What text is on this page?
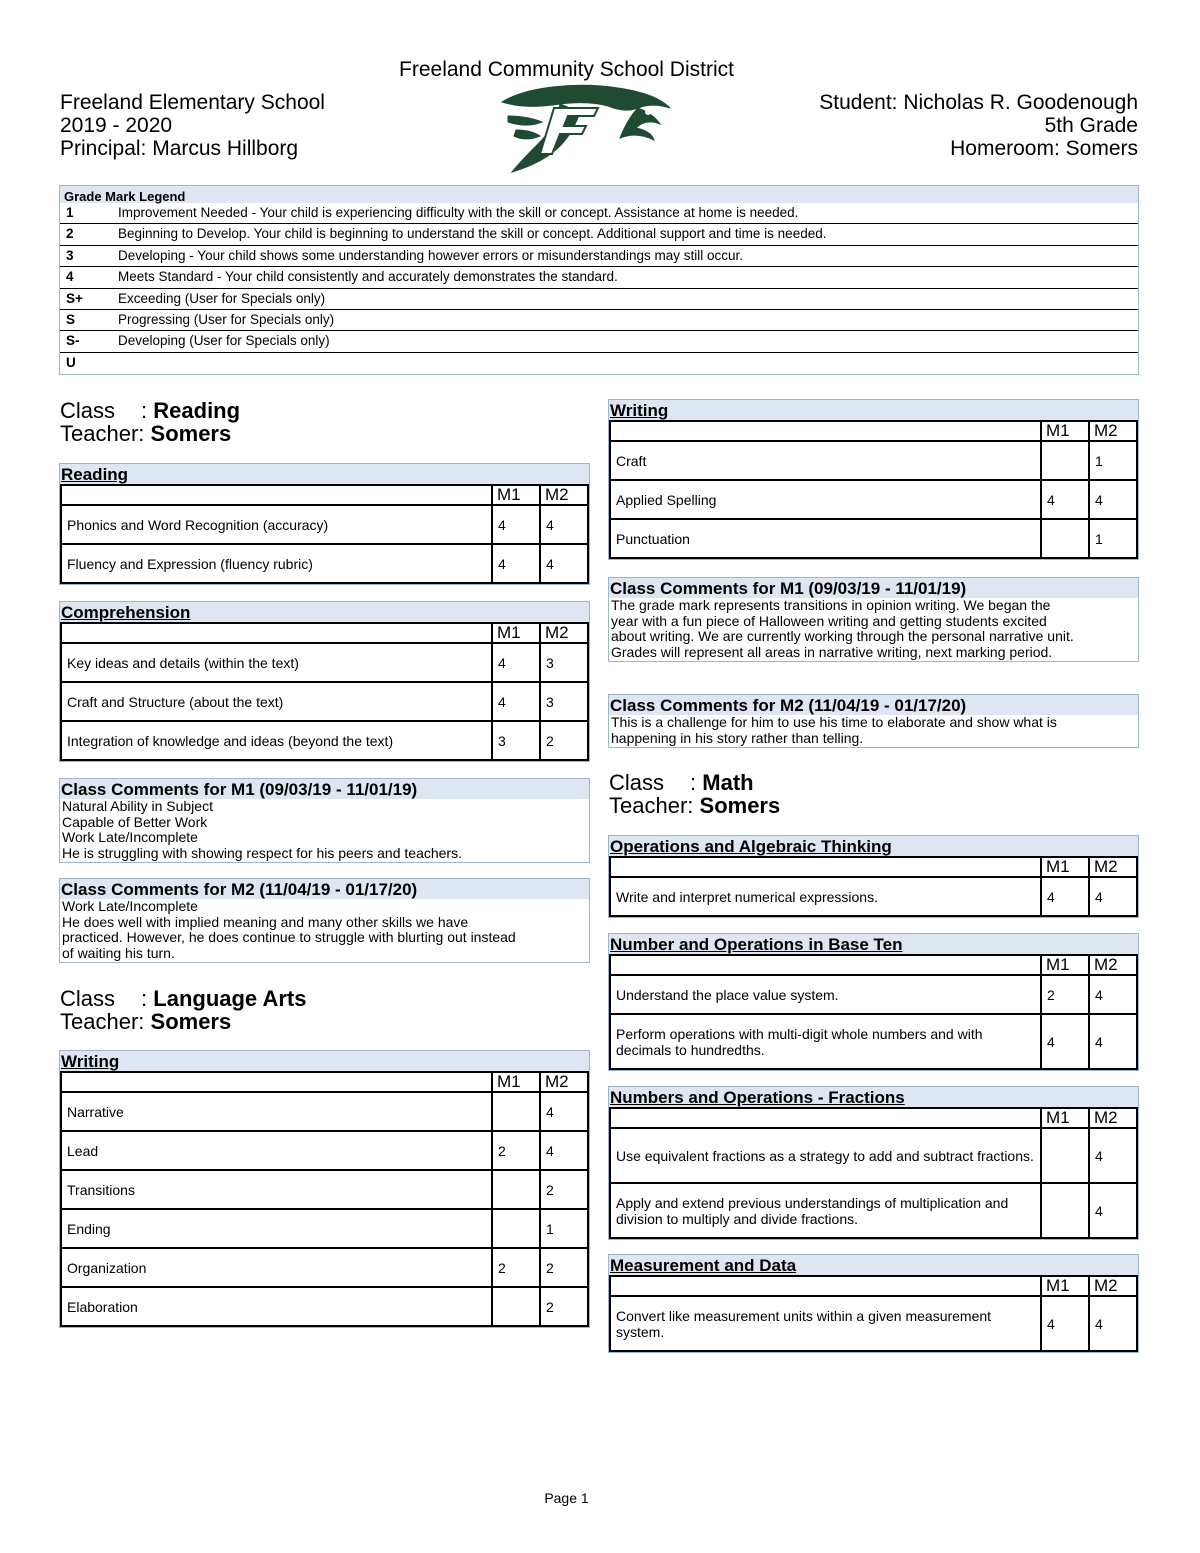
Freeland Community School District
Freeland Elementary School
2019 - 2020
Principal: Marcus Hillborg
Student: Nicholas R. Goodenough
5th Grade
Homeroom: Somers
Grade Mark Legend
1	Improvement Needed - Your child is experiencing difficulty with the skill or concept. Assistance at home is needed.
2	Beginning to Develop. Your child is beginning to understand the skill or concept. Additional support and time is needed.
3	Developing - Your child shows some understanding however errors or misunderstandings may still occur.
4	Meets Standard - Your child consistently and accurately demonstrates the standard.
S+	Exceeding (User for Specials only)
S	Progressing (User for Specials only)
S-	Developing (User for Specials only)
U
Class : Reading
Teacher: Somers
Reading
	M1	M2
Phonics and Word Recognition (accuracy)	4	4
Fluency and Expression (fluency rubric)	4	4
Comprehension
	M1	M2
Key ideas and details (within the text)	4	3
Craft and Structure (about the text)	4	3
Integration of knowledge and ideas (beyond the text)	3	2
Class Comments for M1 (09/03/19 - 11/01/19)
Natural Ability in Subject
Capable of Better Work
Work Late/Incomplete
He is struggling with showing respect for his peers and teachers.
Class Comments for M2 (11/04/19 - 01/17/20)
Work Late/Incomplete
He does well with implied meaning and many other skills we have
practiced. However, he does continue to struggle with blurting out instead
of waiting his turn.
Class : Language Arts
Teacher: Somers
Writing
	M1	M2
Narrative		4
Lead	2	4
Transitions		2
Ending		1
Organization	2	2
Elaboration		2
Writing
	M1	M2
Craft		1
Applied Spelling	4	4
Punctuation		1
Class Comments for M1 (09/03/19 - 11/01/19)
The grade mark represents transitions in opinion writing. We began the
year with a fun piece of Halloween writing and getting students excited
about writing. We are currently working through the personal narrative unit.
Grades will represent all areas in narrative writing, next marking period.
Class Comments for M2 (11/04/19 - 01/17/20)
This is a challenge for him to use his time to elaborate and show what is
happening in his story rather than telling.
Class : Math
Teacher: Somers
Operations and Algebraic Thinking
	M1	M2
Write and interpret numerical expressions.	4	4
Number and Operations in Base Ten
	M1	M2
Understand the place value system.	2	4
Perform operations with multi-digit whole numbers and with decimals to hundredths.	4	4
Numbers and Operations - Fractions
	M1	M2
Use equivalent fractions as a strategy to add and subtract fractions.		4
Apply and extend previous understandings of multiplication and division to multiply and divide fractions.		4
Measurement and Data
	M1	M2
Convert like measurement units within a given measurement system.	4	4
Page 1
